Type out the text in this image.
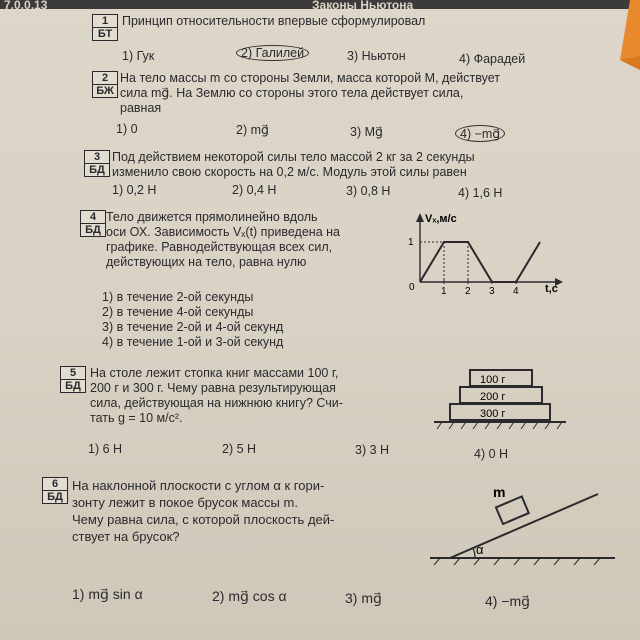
7.0.0.13	Законы Ньютона
1
БТ
Принцип относительности впервые сформулировал
1) Гук	2) Галилей	3) Ньютон	4) Фарадей
2
БЖ
На тело массы m со стороны Земли, масса которой М, действует
сила mg⃗. На Землю со стороны этого тела действует сила,
равная
1) 0	2) mg⃗	3) Mg⃗	4) −mg⃗
3
БД
Под действием некоторой силы тело массой 2 кг за 2 секунды
изменило свою скорость на 0,2 м/с. Модуль этой силы равен
1) 0,2 Н	2) 0,4 Н	3) 0,8 Н	4) 1,6 Н
4
БД
Тело движется прямолинейно вдоль
оси ОХ. Зависимость Vₓ(t) приведена на
графике. Равнодействующая всех сил,
действующих на тело, равна нулю
1) в течение 2-ой секунды
2) в течение 4-ой секунды
3) в течение 2-ой и 4-ой секунд
4) в течение 1-ой и 3-ой секунд
Vₓ,м/с
t,с
0
1
1 2 3 4
5
БД
На столе лежит стопка книг массами 100 г,
200 г и 300 г. Чему равна результирующая
сила, действующая на нижнюю книгу? Счи-
тать g = 10 м/с².
1) 6 Н	2) 5 Н	3) 3 Н	4) 0 Н
100 г
200 г
300 г
6
БД
На наклонной плоскости с углом α к гори-
зонту лежит в покое брусок массы m.
Чему равна сила, с которой плоскость дей-
ствует на брусок?
1) mg⃗ sin α	2) mg⃗ cos α	3) mg⃗	4) −mg⃗
m
α
